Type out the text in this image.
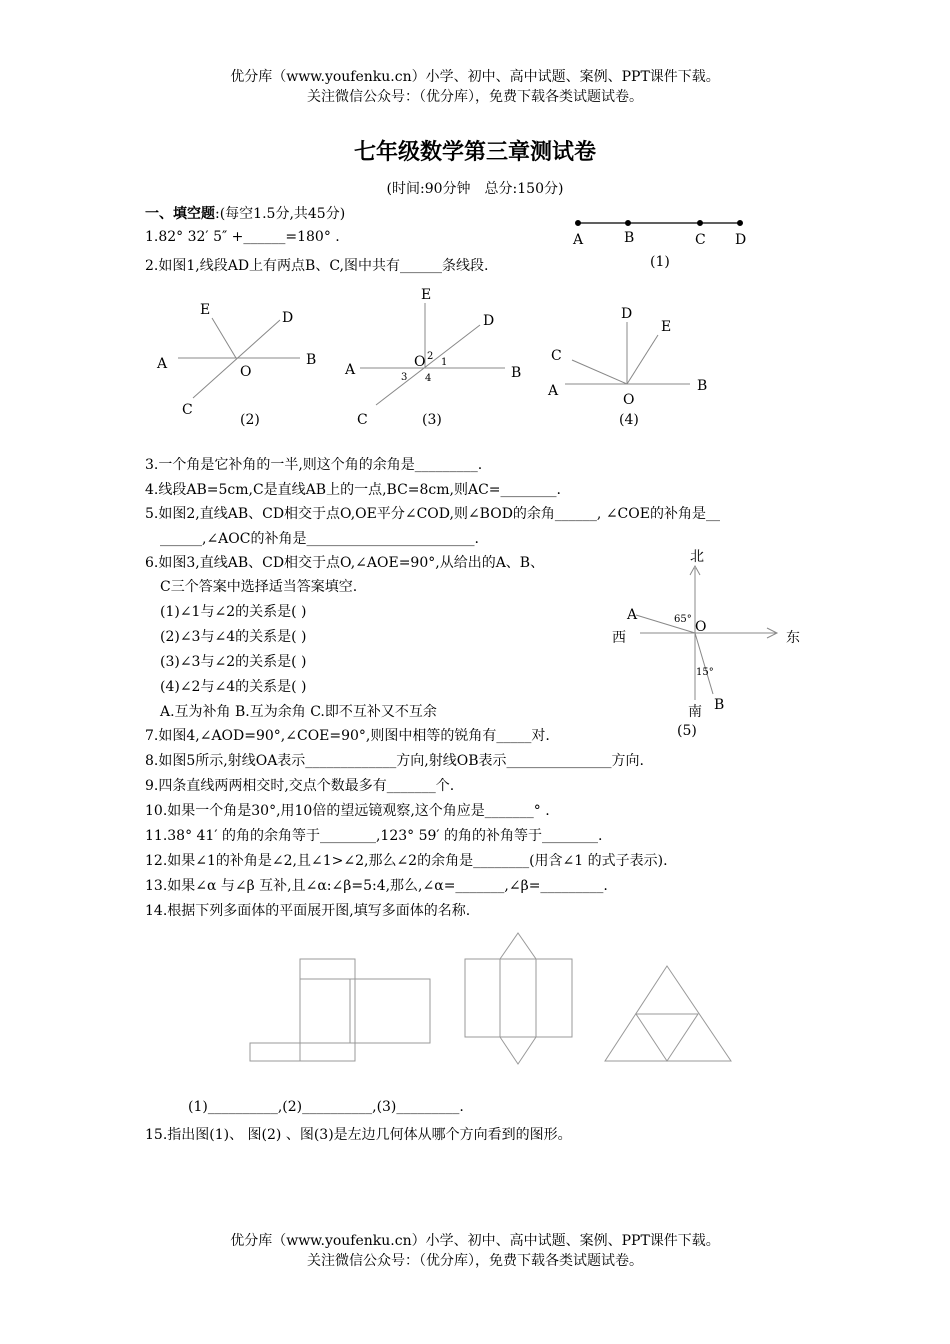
优分库（www.youfenku.cn）小学、初中、高中试题、案例、PPT课件下载。
关注微信公众号：（优分库），免费下载各类试题试卷。
七年级数学第三章测试卷
(时间:90分钟　总分:150分)
一、填空题:(每空1.5分,共45分)
1.82° 32′ 5″ +______=180° .
2.如图1,线段AD上有两点B、C,图中共有______条线段.
3.一个角是它补角的一半,则这个角的余角是_________.
4.线段AB=5cm,C是直线AB上的一点,BC=8cm,则AC=________.
5.如图2,直线AB、CD相交于点O,OE平分∠COD,则∠BOD的余角______, ∠COE的补角是__
______,∠AOC的补角是________________________.
6.如图3,直线AB、CD相交于点O,∠AOE=90°,从给出的A、B、
C三个答案中选择适当答案填空.
(1)∠1与∠2的关系是( )
(2)∠3与∠4的关系是( )
(3)∠3与∠2的关系是( )
(4)∠2与∠4的关系是( )
A.互为补角 B.互为余角 C.即不互补又不互余
7.如图4,∠AOD=90°,∠COE=90°,则图中相等的锐角有_____对.
8.如图5所示,射线OA表示_____________方向,射线OB表示_______________方向.
9.四条直线两两相交时,交点个数最多有_______个.
10.如果一个角是30°,用10倍的望远镜观察,这个角应是_______° .
11.38° 41′ 的角的余角等于________,123° 59′ 的角的补角等于________.
12.如果∠1的补角是∠2,且∠1>∠2,那么∠2的余角是________(用含∠1 的式子表示).
13.如果∠α 与∠β 互补,且∠α:∠β=5:4,那么,∠α=_______,∠β=_________.
14.根据下列多面体的平面展开图,填写多面体的名称.
(1)__________,(2)__________,(3)_________.
15.指出图(1)、 图(2) 、图(3)是左边几何体从哪个方向看到的图形。
优分库（www.youfenku.cn）小学、初中、高中试题、案例、PPT课件下载。
关注微信公众号：（优分库），免费下载各类试题试卷。
A	B	C D
(1)
E	D
A	O
B
C
(2)
E
D
O
A	B
C
1
2
3 4
(3)
D
E
C
A
O
B
(4)
北
南
西	东
A
B
O
65°
15°
(5)
